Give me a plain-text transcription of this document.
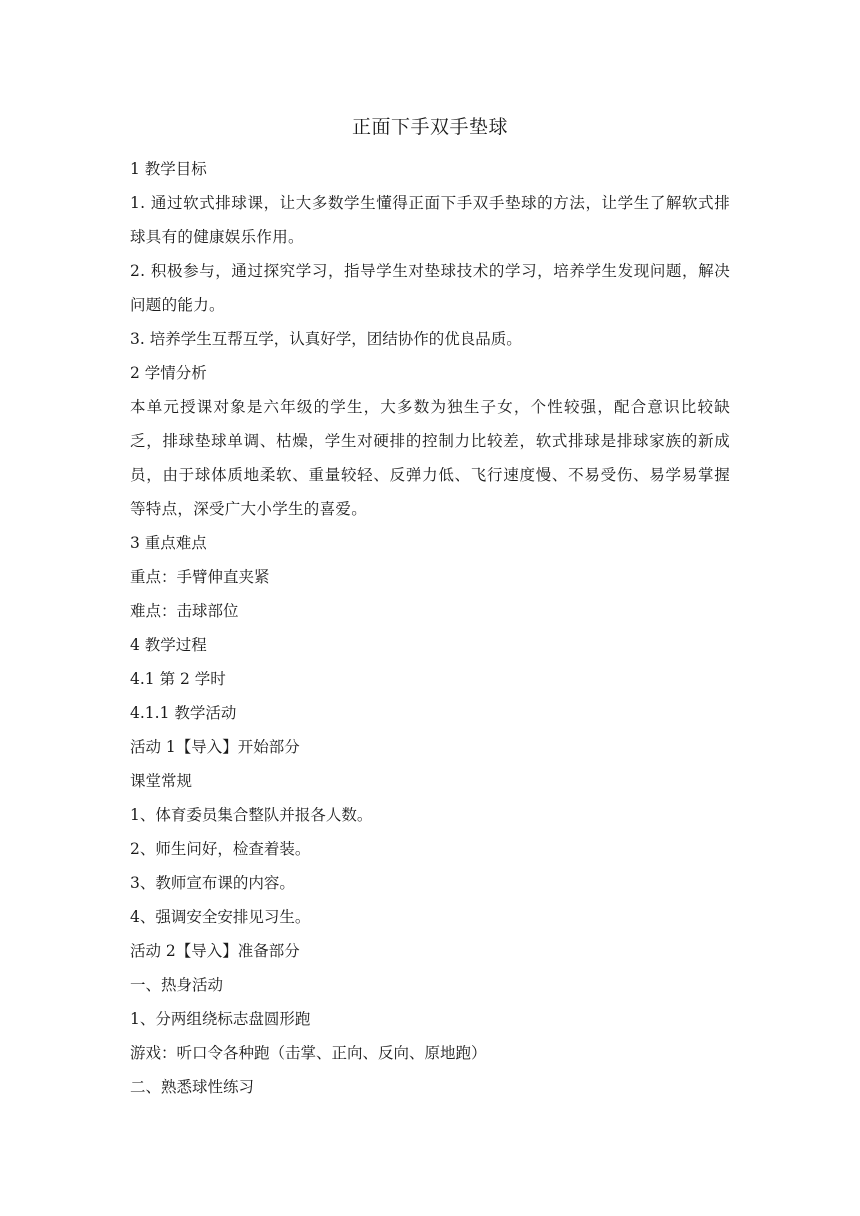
正面下手双手垫球

1 教学目标

1. 通过软式排球课，让大多数学生懂得正面下手双手垫球的方法，让学生了解软式排球具有的健康娱乐作用。

2. 积极参与，通过探究学习，指导学生对垫球技术的学习，培养学生发现问题，解决问题的能力。

3. 培养学生互帮互学，认真好学，团结协作的优良品质。

2 学情分析

本单元授课对象是六年级的学生，大多数为独生子女，个性较强，配合意识比较缺乏，排球垫球单调、枯燥，学生对硬排的控制力比较差，软式排球是排球家族的新成员，由于球体质地柔软、重量较轻、反弹力低、飞行速度慢、不易受伤、易学易掌握等特点，深受广大小学生的喜爱。

3 重点难点

重点：手臂伸直夹紧

难点：击球部位

4 教学过程

4.1 第 2 学时

4.1.1 教学活动

活动 1【导入】开始部分

课堂常规

1、体育委员集合整队并报各人数。

2、师生问好，检查着装。

3、教师宣布课的内容。

4、强调安全安排见习生。

活动 2【导入】准备部分

一、热身活动

1、分两组绕标志盘圆形跑

游戏：听口令各种跑（击掌、正向、反向、原地跑）

二、熟悉球性练习
